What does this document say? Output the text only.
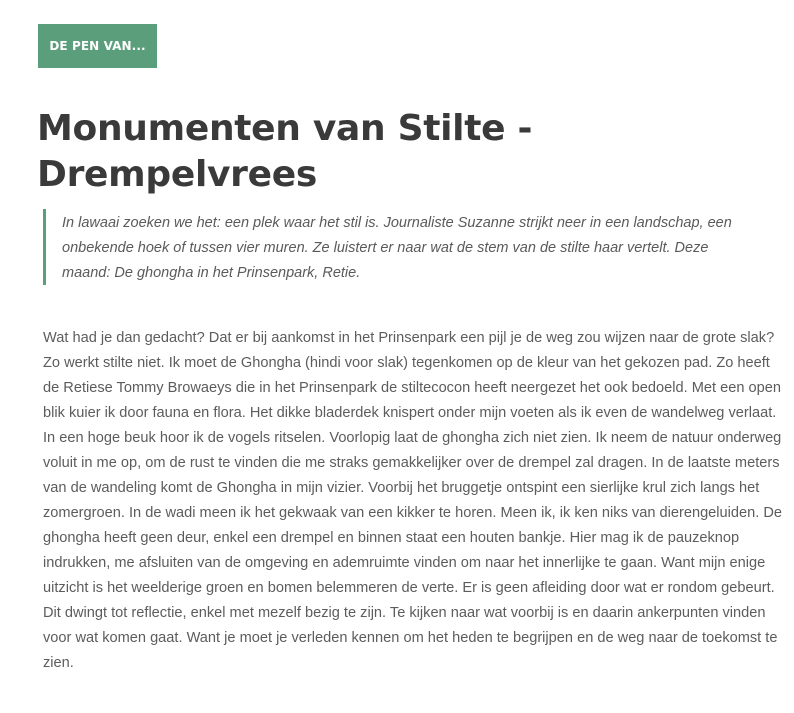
DE PEN VAN...
Monumenten van Stilte - Drempelvrees
In lawaai zoeken we het: een plek waar het stil is. Journaliste Suzanne strijkt neer in een landschap, een onbekende hoek of tussen vier muren. Ze luistert er naar wat de stem van de stilte haar vertelt. Deze maand: De ghongha in het Prinsenpark, Retie.

Wat had je dan gedacht? Dat er bij aankomst in het Prinsenpark een pijl je de weg zou wijzen naar de grote slak? Zo werkt stilte niet. Ik moet de Ghongha (hindi voor slak) tegenkomen op de kleur van het gekozen pad. Zo heeft de Retiese Tommy Browaeys die in het Prinsenpark de stiltecocon heeft neergezet het ook bedoeld. Met een open blik kuier ik door fauna en flora. Het dikke bladerdek knispert onder mijn voeten als ik even de wandelweg verlaat. In een hoge beuk hoor ik de vogels ritselen. Voorlopig laat de ghongha zich niet zien. Ik neem de natuur onderweg voluit in me op, om de rust te vinden die me straks gemakkelijker over de drempel zal dragen. In de laatste meters van de wandeling komt de Ghongha in mijn vizier. Voorbij het bruggetje ontspint een sierlijke krul zich langs het zomergroen. In de wadi meen ik het gekwaak van een kikker te horen. Meen ik, ik ken niks van dierengeluiden. De ghongha heeft geen deur, enkel een drempel en binnen staat een houten bankje. Hier mag ik de pauzeknop indrukken, me afsluiten van de omgeving en ademruimte vinden om naar het innerlijke te gaan. Want mijn enige uitzicht is het weelderige groen en bomen belemmeren de verte. Er is geen afleiding door wat er rondom gebeurt. Dit dwingt tot reflectie, enkel met mezelf bezig te zijn. Te kijken naar wat voorbij is en daarin ankerpunten vinden voor wat komen gaat. Want je moet je verleden kennen om het heden te begrijpen en de weg naar de toekomst te zien.
